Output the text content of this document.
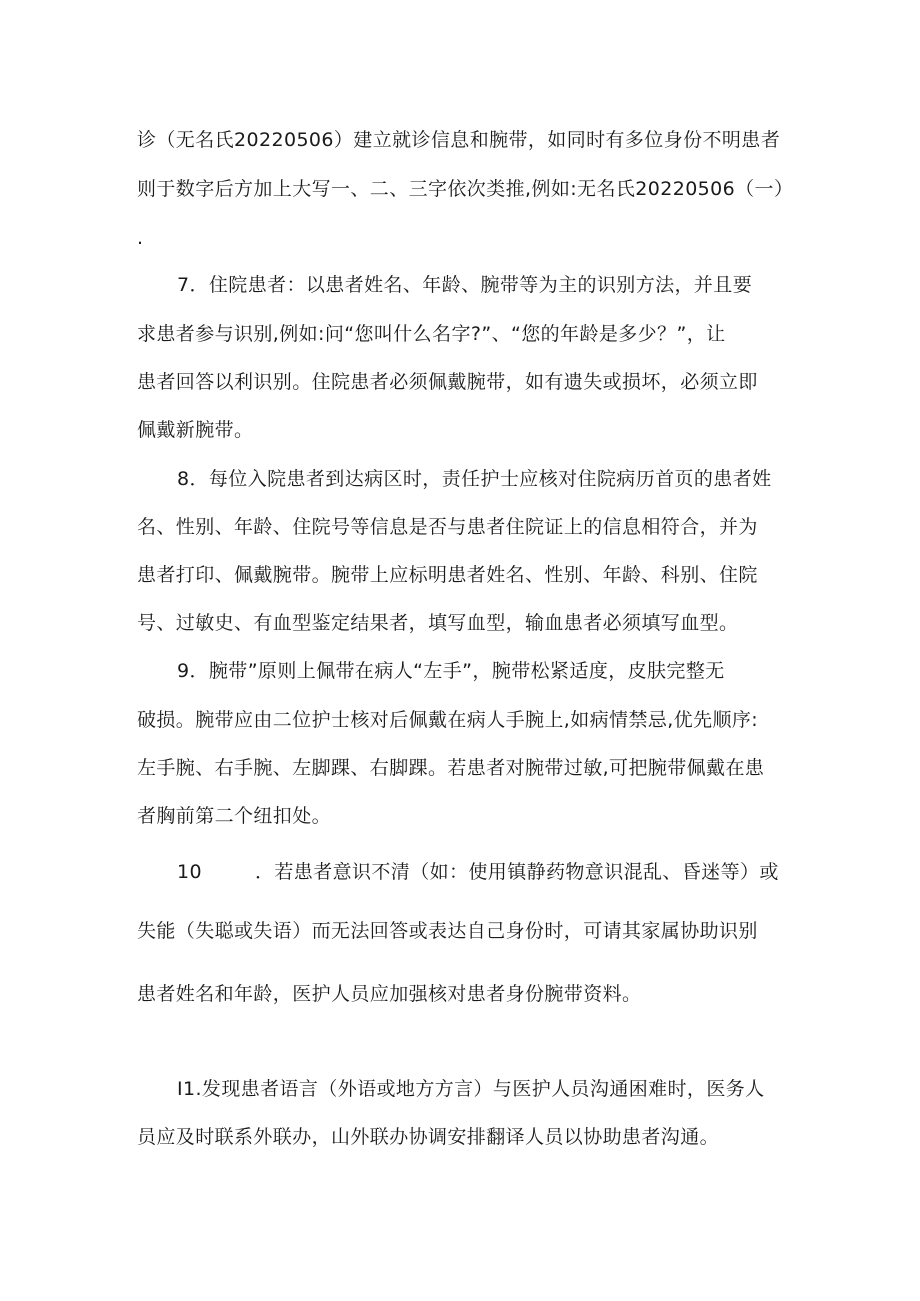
诊（无名氏20220506）建立就诊信息和腕带，如同时有多位身份不明患者
则于数字后方加上大写一、二、三字依次类推,例如:无名氏20220506（一）
.
7．住院患者：以患者姓名、年龄、腕带等为主的识别方法，并且要
求患者参与识别,例如:问“您叫什么名字?”、“您的年龄是多少？”，让
患者回答以利识别。住院患者必须佩戴腕带，如有遗失或损坏，必须立即
佩戴新腕带。
8．每位入院患者到达病区时，责任护士应核对住院病历首页的患者姓
名、性别、年龄、住院号等信息是否与患者住院证上的信息相符合，并为
患者打印、佩戴腕带。腕带上应标明患者姓名、性别、年龄、科别、住院
号、过敏史、有血型鉴定结果者，填写血型，输血患者必须填写血型。
9．腕带”原则上佩带在病人“左手”，腕带松紧适度，皮肤完整无
破损。腕带应由二位护士核对后佩戴在病人手腕上,如病情禁忌,优先顺序:
左手腕、右手腕、左脚踝、右脚踝。若患者对腕带过敏,可把腕带佩戴在患
者胸前第二个纽扣处。
10	．若患者意识不清（如：使用镇静药物意识混乱、昏迷等）或
失能（失聪或失语）而无法回答或表达自己身份时，可请其家属协助识别
患者姓名和年龄，医护人员应加强核对患者身份腕带资料。
I1.发现患者语言（外语或地方方言）与医护人员沟通困难时，医务人
员应及时联系外联办，山外联办协调安排翻译人员以协助患者沟通。
